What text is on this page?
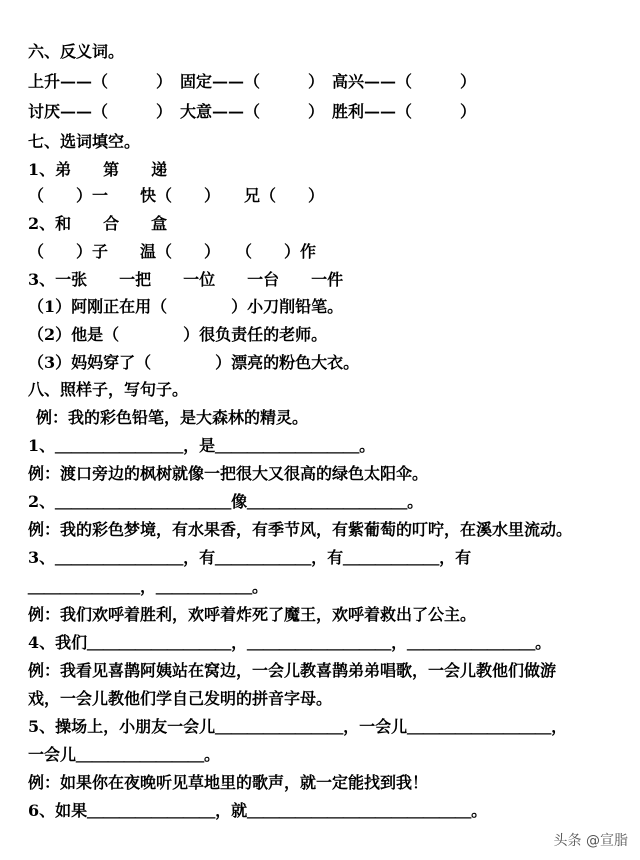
六、反义词。
上升——（　　　）　固定——（　　　）　高兴——（　　　）
讨厌——（　　　）　大意——（　　　）　胜利——（　　　）
七、选词填空。
1、弟　　第　　递
（　　）一　　快（　　）　　兄（　　）
2、和　　合　　盒
（　　）子　　温（　　）　　（　　）作
3、一张　　一把　　一位　　一台　　一件
（1）阿刚正在用（　　　　）小刀削铅笔。
（2）他是（　　　　）很负责任的老师。
（3）妈妈穿了（　　　　）漂亮的粉色大衣。
八、照样子，写句子。
例：我的彩色铅笔，是大森林的精灵。
1、＿＿＿＿＿＿＿＿，是＿＿＿＿＿＿＿＿＿。
例：渡口旁边的枫树就像一把很大又很高的绿色太阳伞。
2、＿＿＿＿＿＿＿＿＿＿＿像＿＿＿＿＿＿＿＿＿＿。
例：我的彩色梦境，有水果香，有季节风，有紫葡萄的叮咛，在溪水里流动。
3、＿＿＿＿＿＿＿＿，有＿＿＿＿＿＿，有＿＿＿＿＿＿，有
＿＿＿＿＿＿＿，＿＿＿＿＿＿。
例：我们欢呼着胜利，欢呼着炸死了魔王，欢呼着救出了公主。
4、我们＿＿＿＿＿＿＿＿＿，＿＿＿＿＿＿＿＿＿，＿＿＿＿＿＿＿＿。
例：我看见喜鹊阿姨站在窝边，一会儿教喜鹊弟弟唱歌，一会儿教他们做游
戏，一会儿教他们学自己发明的拼音字母。
5、操场上，小朋友一会儿＿＿＿＿＿＿＿＿，一会儿＿＿＿＿＿＿＿＿＿，
一会儿＿＿＿＿＿＿＿＿。
例：如果你在夜晚听见草地里的歌声，就一定能找到我！
6、如果＿＿＿＿＿＿＿＿，就＿＿＿＿＿＿＿＿＿＿＿＿＿＿。
头条 @宣脂
